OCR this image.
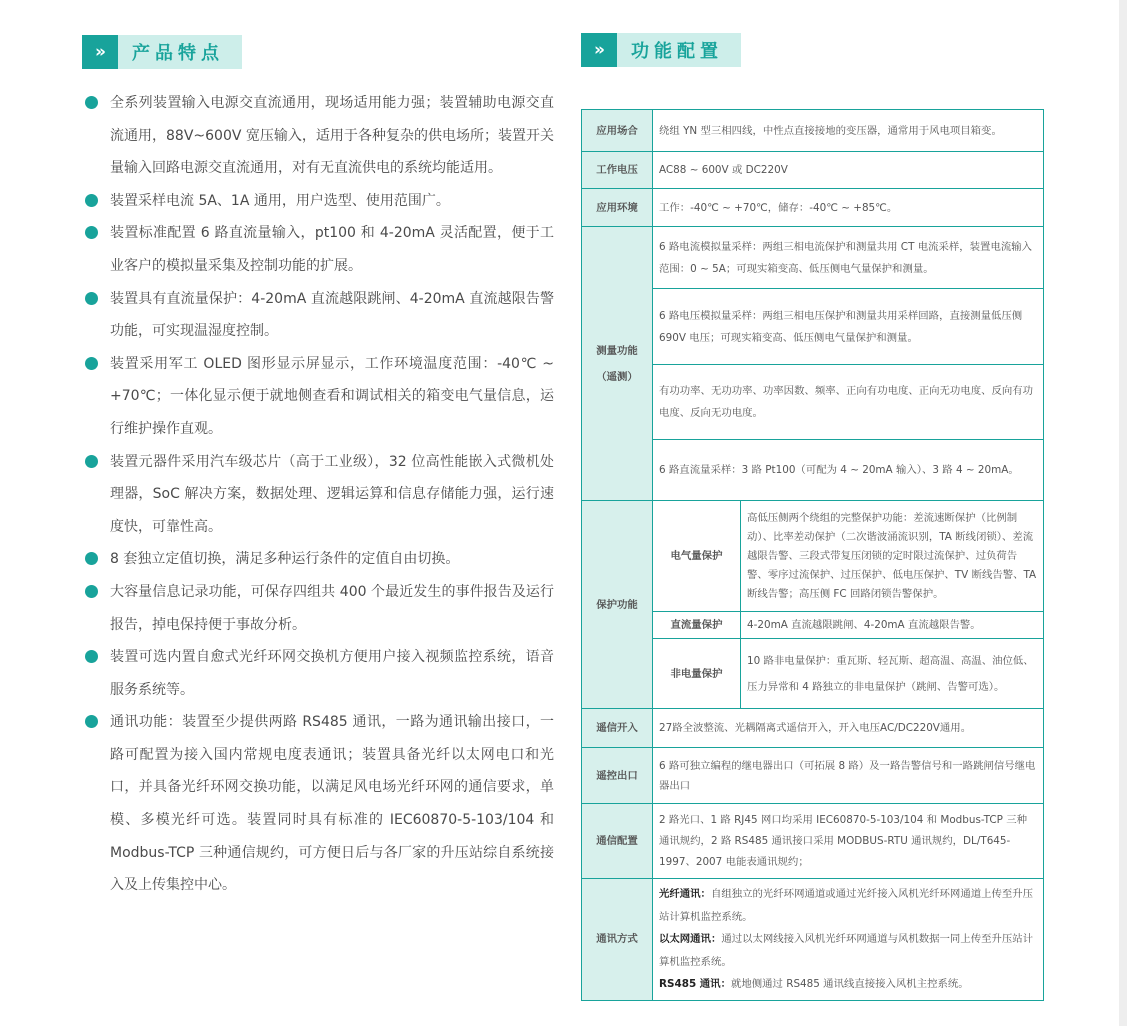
»	产品特点
全系列装置输入电源交直流通用，现场适用能力强；装置辅助电源交直流通用，88V~600V 宽压输入，适用于各种复杂的供电场所；装置开关量输入回路电源交直流通用，对有无直流供电的系统均能适用。
装置采样电流 5A、1A 通用，用户选型、使用范围广。
装置标准配置 6 路直流量输入，pt100 和 4-20mA 灵活配置，便于工业客户的模拟量采集及控制功能的扩展。
装置具有直流量保护：4-20mA 直流越限跳闸、4-20mA 直流越限告警功能，可实现温湿度控制。
装置采用军工 OLED 图形显示屏显示，工作环境温度范围：-40℃ ~ +70℃；一体化显示便于就地侧查看和调试相关的箱变电气量信息，运行维护操作直观。
装置元器件采用汽车级芯片（高于工业级），32 位高性能嵌入式微机处理器，SoC 解决方案，数据处理、逻辑运算和信息存储能力强，运行速度快，可靠性高。
8 套独立定值切换，满足多种运行条件的定值自由切换。
大容量信息记录功能，可保存四组共 400 个最近发生的事件报告及运行报告，掉电保持便于事故分析。
装置可选内置自愈式光纤环网交换机方便用户接入视频监控系统，语音服务系统等。
通讯功能：装置至少提供两路 RS485 通讯，一路为通讯输出接口，一路可配置为接入国内常规电度表通讯；装置具备光纤以太网电口和光口，并具备光纤环网交换功能，以满足风电场光纤环网的通信要求，单模、多模光纤可选。装置同时具有标准的 IEC60870-5-103/104 和 Modbus-TCP 三种通信规约，可方便日后与各厂家的升压站综自系统接入及上传集控中心。
»	功能配置
应用场合	绕组 YN 型三相四线，中性点直接接地的变压器，通常用于风电项目箱变。	
工作电压	AC88 ~ 600V 或 DC220V	
应用环境	工作：-40℃ ~ +70℃，储存：-40℃ ~ +85℃。	

测量功能
（遥测）	6 路电流模拟量采样：两组三相电流保护和测量共用 CT 电流采样，装置电流输入范围：0 ~ 5A；可现实箱变高、低压侧电气量保护和测量。	
	6 路电压模拟量采样：两组三相电压保护和测量共用采样回路，直接测量低压侧 690V 电压；可现实箱变高、低压侧电气量保护和测量。	
	有功功率、无功功率、功率因数、频率、正向有功电度、正向无功电度、反向有功电度、反向无功电度。	
	6 路直流量采样：3 路 Pt100（可配为 4 ~ 20mA 输入）、3 路 4 ~ 20mA。	
保护功能	电气量保护	高低压侧两个绕组的完整保护功能：差流速断保护（比例制动）、比率差动保护（二次谐波涌流识别，TA 断线闭锁）、差流越限告警、三段式带复压闭锁的定时限过流保护、过负荷告警、零序过流保护、过压保护、低电压保护、TV 断线告警、TA 断线告警；高压侧 FC 回路闭锁告警保护。
	直流量保护	4-20mA 直流越限跳闸、4-20mA 直流越限告警。
	非电量保护	10 路非电量保护：重瓦斯、轻瓦斯、超高温、高温、油位低、压力异常和 4 路独立的非电量保护（跳闸、告警可选）。
遥信开入	27路全波整流、光耦隔离式遥信开入，开入电压AC/DC220V通用。	
遥控出口	6 路可独立编程的继电器出口（可拓展 8 路）及一路告警信号和一路跳闸信号继电器出口	
通信配置	2 路光口、1 路 RJ45 网口均采用 IEC60870-5-103/104 和 Modbus-TCP 三种通讯规约，2 路 RS485 通讯接口采用 MODBUS-RTU 通讯规约，DL/T645-1997、2007 电能表通讯规约；	
通讯方式	光纤通讯：自组独立的光纤环网通道或通过光纤接入风机光纤环网通道上传至升压站计算机监控系统。
以太网通讯：通过以太网线接入风机光纤环网通道与风机数据一同上传至升压站计算机监控系统。
RS485 通讯：就地侧通过 RS485 通讯线直接接入风机主控系统。	
